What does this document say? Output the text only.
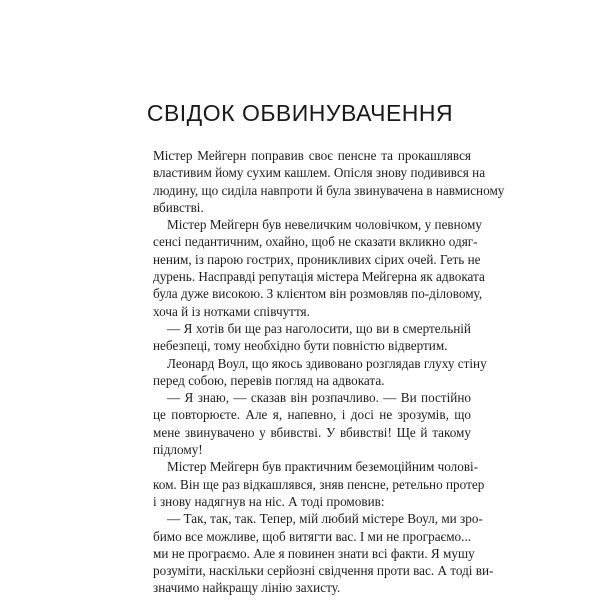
СВІДОК ОБВИНУВАЧЕННЯ
Містер Мейгерн поправив своє пенсне та прокашлявся
властивим йому сухим кашлем. Опісля знову подивився на
людину, що сиділа навпроти й була звинувачена в навмисному
вбивстві.
Містер Мейгерн був невеличким чоловічком, у певному
сенсі педантичним, охайно, щоб не сказати вкликно одяг-
неним, із парою гострих, проникливих сірих очей. Геть не
дурень. Насправді репутація містера Мейгерна як адвоката
була дуже високою. З клієнтом він розмовляв по-діловому,
хоча й із нотками співчуття.
— Я хотів би ще раз наголосити, що ви в смертельній
небезпеці, тому необхідно бути повністю відвертим.
Леонард Воул, що якось здивовано розглядав глуху стіну
перед собою, перевів погляд на адвоката.
— Я знаю, — сказав він розпачливо. — Ви постійно
це повторюєте. Але я, напевно, і досі не зрозумів, що
мене звинувачено у вбивстві. У вбивстві! Ще й такому
підлому!
Містер Мейгерн був практичним беземоційним чолові-
ком. Він ще раз відкашлявся, зняв пенсне, ретельно протер
і знову надягнув на ніс. А тоді промовив:
— Так, так, так. Тепер, мій любий містере Воул, ми зро-
бимо все можливе, щоб витягти вас. І ми не програємо...
ми не програємо. Але я повинен знати всі факти. Я мушу
розуміти, наскільки серйозні свідчення проти вас. А тоді ви-
значимо найкращу лінію захисту.
